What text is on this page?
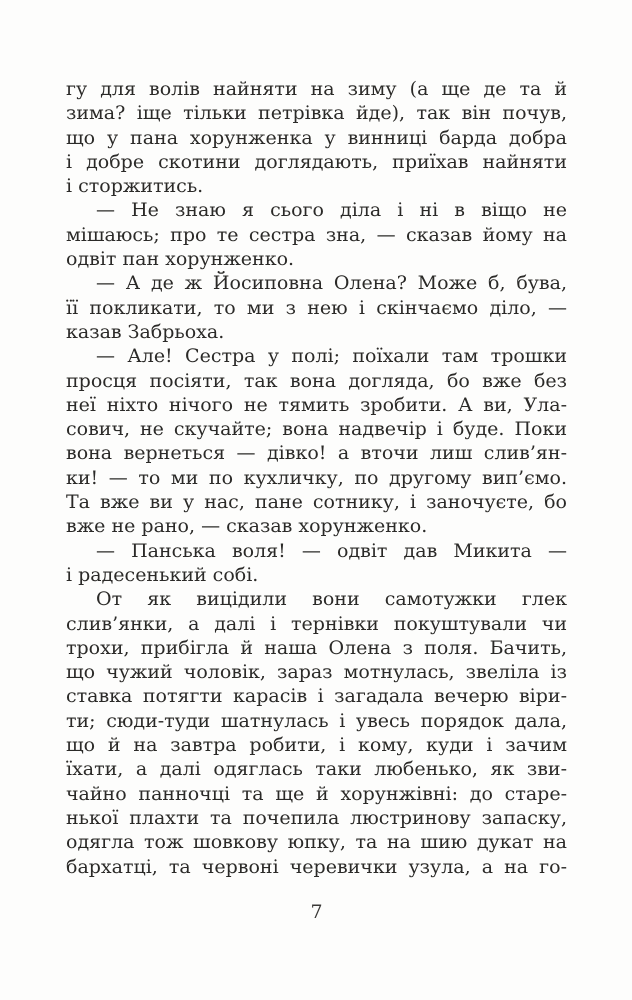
гу для волів найняти на зиму (а ще де та й
зима? іще тільки петрівка йде), так він почув,
що у пана хорунженка у винниці барда добра
і добре скотини доглядають, приїхав найняти
і сторжитись.
— Не знаю я сього діла і ні в віщо не
мішаюсь; про те сестра зна, — сказав йому на
одвіт пан хорунженко.
— А де ж Йосиповна Олена? Може б, бува,
її покликати, то ми з нею і скінчаємо діло, —
казав Забрьоха.
— Але! Сестра у полі; поїхали там трошки
просця посіяти, так вона догляда, бо вже без
неї ніхто нічого не тямить зробити. А ви, Ула-
сович, не скучайте; вона надвечір і буде. Поки
вона вернеться — дівко! а вточи лиш слив’ян-
ки! — то ми по кухличку, по другому вип’ємо.
Та вже ви у нас, пане сотнику, і заночуєте, бо
вже не рано, — сказав хорунженко.
— Панська воля! — одвіт дав Микита —
і радесенький собі.
От як вицідили вони самотужки глек
слив’янки, а далі і тернівки покуштували чи
трохи, прибігла й наша Олена з поля. Бачить,
що чужий чоловік, зараз мотнулась, звеліла із
ставка потягти карасів і загадала вечерю віри-
ти; сюди-туди шатнулась і увесь порядок дала,
що й на завтра робити, і кому, куди і зачим
їхати, а далі одяглась таки любенько, як зви-
чайно панночці та ще й хорунжівні: до старе-
нької плахти та почепила люстринову запаску,
одягла тож шовкову юпку, та на шию дукат на
бархатці, та червоні черевички узула, а на го-
7
